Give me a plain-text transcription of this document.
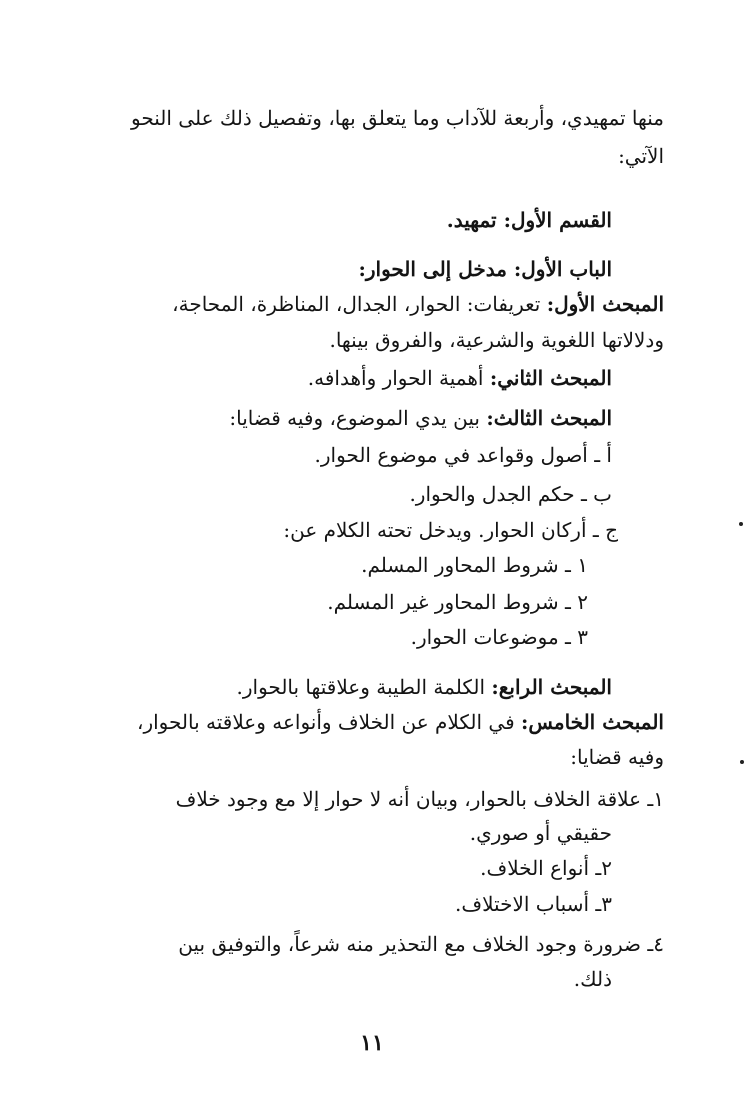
منها تمهيدي، وأربعة للآداب وما يتعلق بها، وتفصيل ذلك على النحو
الآتي:
القسم الأول: تمهيد.
الباب الأول: مدخل إلى الحوار:
المبحث الأول: تعريفات: الحوار، الجدال، المناظرة، المحاجة،
ودلالاتها اللغوية والشرعية، والفروق بينها.
المبحث الثاني: أهمية الحوار وأهدافه.
المبحث الثالث: بين يدي الموضوع، وفيه قضايا:
أ ـ أصول وقواعد في موضوع الحوار.
ب ـ حكم الجدل والحوار.
ج ـ أركان الحوار. ويدخل تحته الكلام عن:
١ ـ شروط المحاور المسلم.
٢ ـ شروط المحاور غير المسلم.
٣ ـ موضوعات الحوار.
المبحث الرابع: الكلمة الطيبة وعلاقتها بالحوار.
المبحث الخامس: في الكلام عن الخلاف وأنواعه وعلاقته بالحوار،
وفيه قضايا:
١ـ علاقة الخلاف بالحوار، وبيان أنه لا حوار إلا مع وجود خلاف
حقيقي أو صوري.
٢ـ أنواع الخلاف.
٣ـ أسباب الاختلاف.
٤ـ ضرورة وجود الخلاف مع التحذير منه شرعاً، والتوفيق بين
ذلك.
١١
